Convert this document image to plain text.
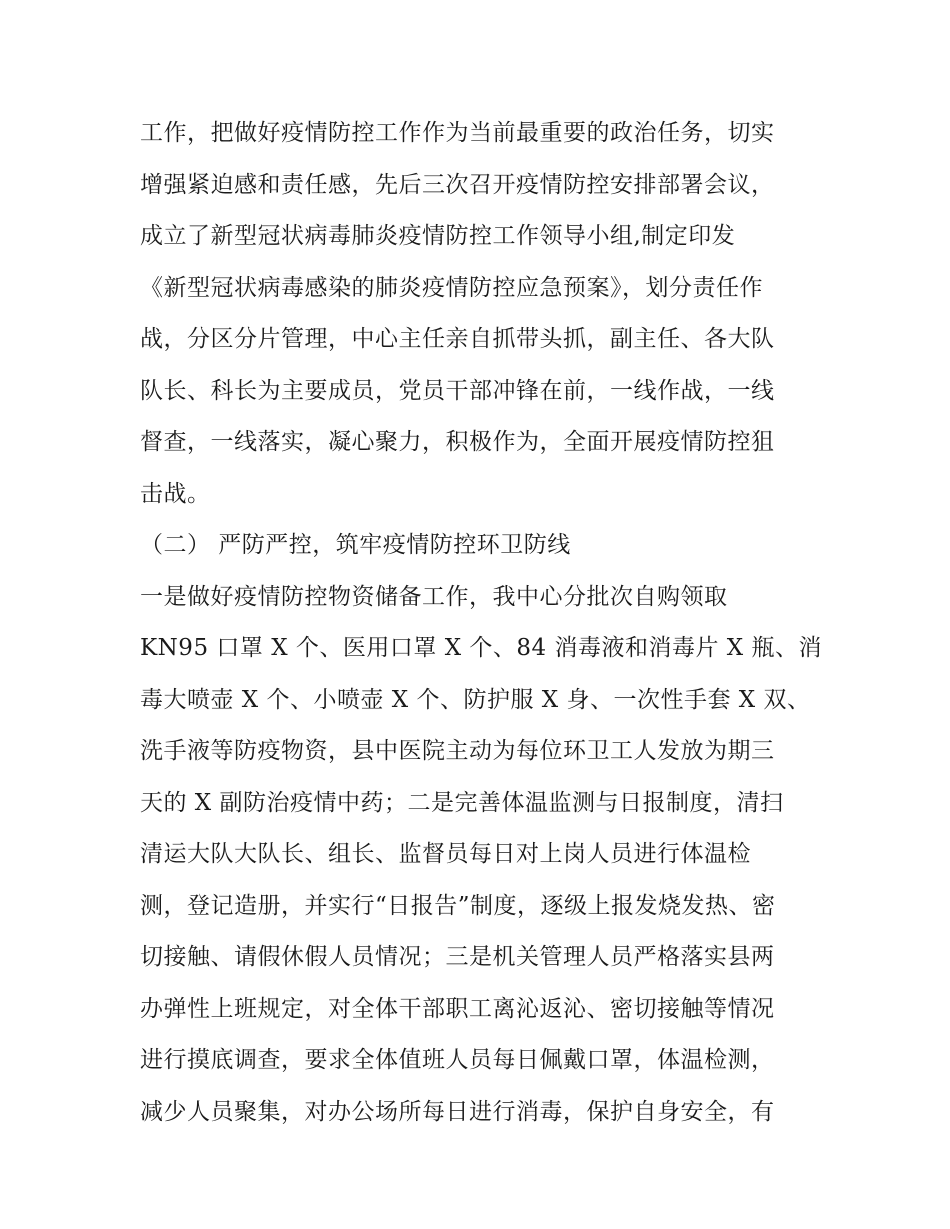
工作，把做好疫情防控工作作为当前最重要的政治任务，切实
增强紧迫感和责任感，先后三次召开疫情防控安排部署会议，
成立了新型冠状病毒肺炎疫情防控工作领导小组,制定印发
《新型冠状病毒感染的肺炎疫情防控应急预案》，划分责任作
战，分区分片管理，中心主任亲自抓带头抓，副主任、各大队
队长、科长为主要成员，党员干部冲锋在前，一线作战，一线
督查，一线落实，凝心聚力，积极作为，全面开展疫情防控狙
击战。
（二） 严防严控，筑牢疫情防控环卫防线
一是做好疫情防控物资储备工作，我中心分批次自购领取
KN95 口罩 X 个、医用口罩 X 个、84 消毒液和消毒片 X 瓶、消
毒大喷壶 X 个、小喷壶 X 个、防护服 X 身、一次性手套 X 双、
洗手液等防疫物资，县中医院主动为每位环卫工人发放为期三
天的 X 副防治疫情中药；二是完善体温监测与日报制度，清扫
清运大队大队长、组长、监督员每日对上岗人员进行体温检
测，登记造册，并实行“日报告”制度，逐级上报发烧发热、密
切接触、请假休假人员情况；三是机关管理人员严格落实县两
办弹性上班规定，对全体干部职工离沁返沁、密切接触等情况
进行摸底调查，要求全体值班人员每日佩戴口罩，体温检测，
减少人员聚集，对办公场所每日进行消毒，保护自身安全，有
